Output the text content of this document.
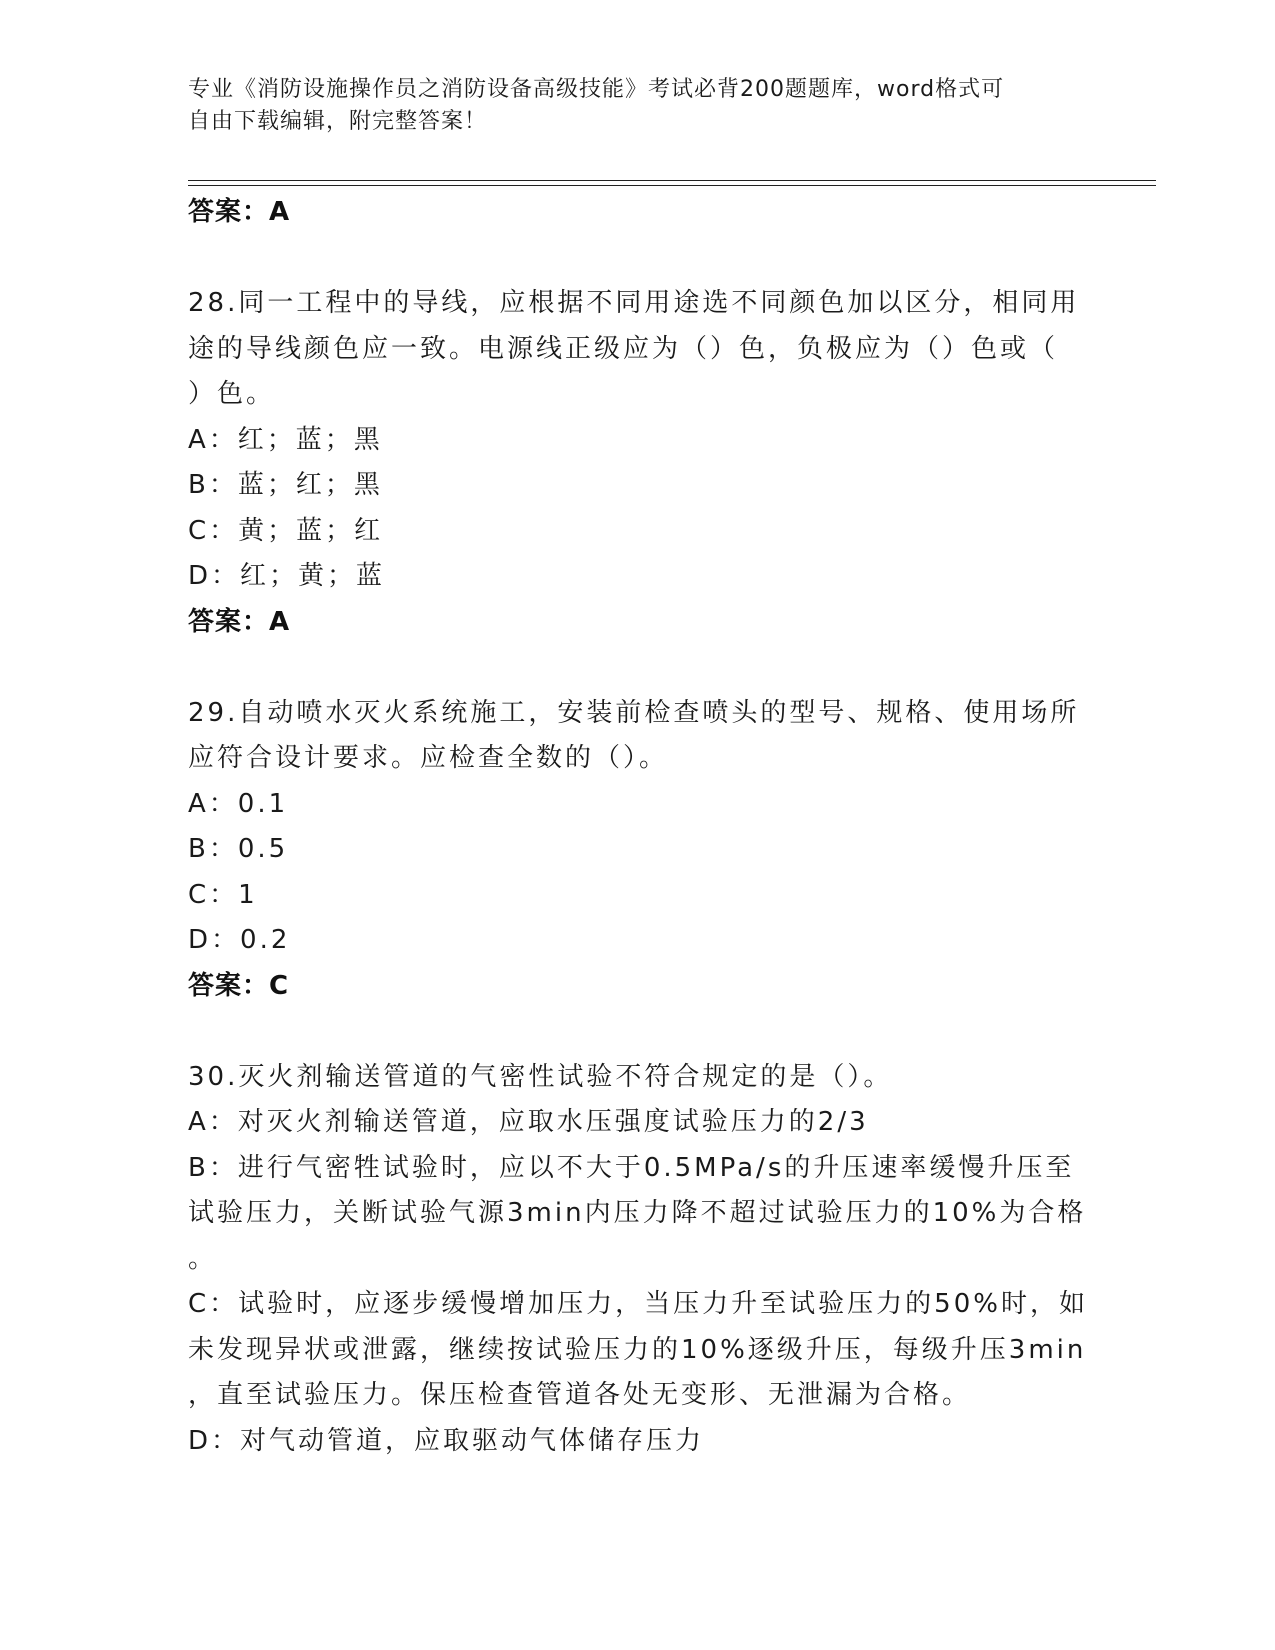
专业《消防设施操作员之消防设备高级技能》考试必背200题题库，word格式可
自由下载编辑，附完整答案！
答案：A
28.同一工程中的导线，应根据不同用途选不同颜色加以区分，相同用
途的导线颜色应一致。电源线正级应为（）色，负极应为（）色或（
）色。
A：红；蓝；黑
B：蓝；红；黑
C：黄；蓝；红
D：红；黄；蓝
答案：A
29.自动喷水灭火系统施工，安装前检查喷头的型号、规格、使用场所
应符合设计要求。应检查全数的（）。
A：0.1
B：0.5
C：1
D：0.2
答案：C
30.灭火剂输送管道的气密性试验不符合规定的是（）。
A：对灭火剂输送管道，应取水压强度试验压力的2/3
B：进行气密牲试验时，应以不大于0.5MPa/s的升压速率缓慢升压至
试验压力，关断试验气源3min内压力降不超过试验压力的10%为合格
。
C：试验时，应逐步缓慢增加压力，当压力升至试验压力的50%时，如
未发现异状或泄露，继续按试验压力的10%逐级升压，每级升压3min
，直至试验压力。保压检查管道各处无变形、无泄漏为合格。
D：对气动管道，应取驱动气体储存压力
